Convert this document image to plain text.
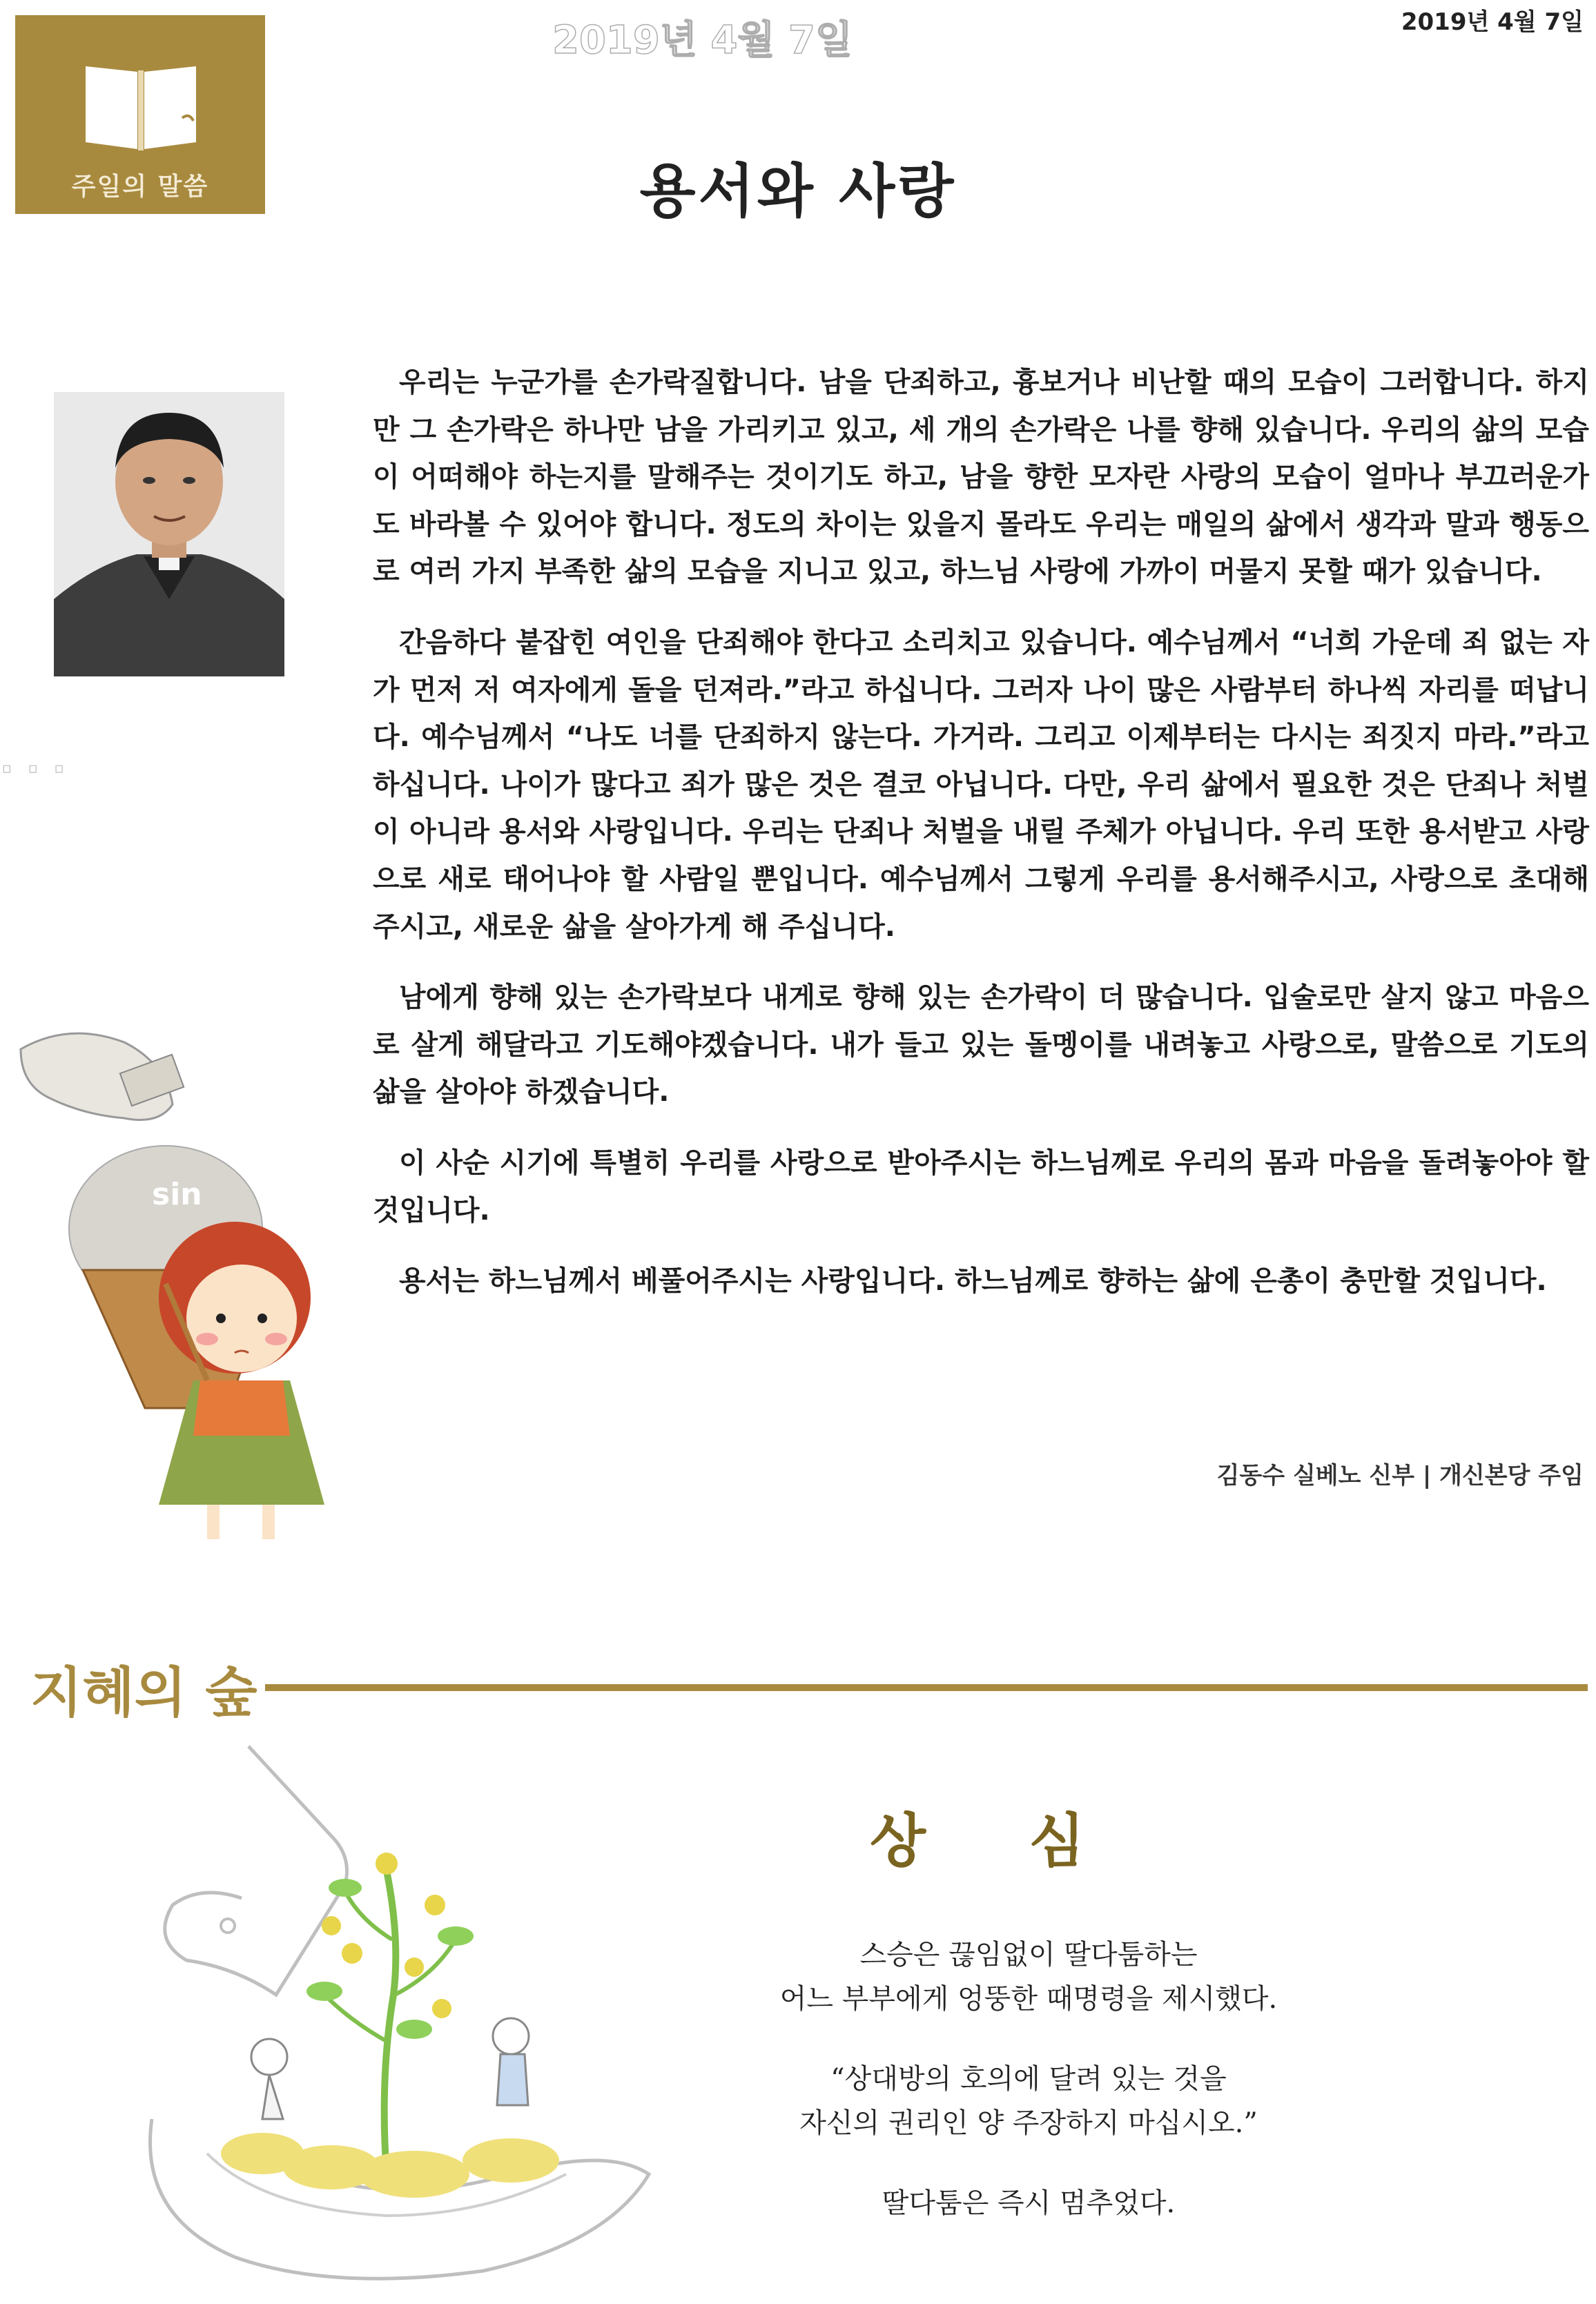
주일의 말씀
2019년 4월 7일	2019년 4월 7일
용서와 사랑

우리는 누군가를 손가락질합니다. 남을 단죄하고, 흉보거나 비난할 때의 모습이 그러합니다. 하지만 그 손가락은 하나만 남을 가리키고 있고, 세 개의 손가락은 나를 향해 있습니다. 우리의 삶의 모습이 어떠해야 하는지를 말해주는 것이기도 하고, 남을 향한 모자란 사랑의 모습이 얼마나 부끄러운가도 바라볼 수 있어야 합니다. 정도의 차이는 있을지 몰라도 우리는 매일의 삶에서 생각과 말과 행동으로 여러 가지 부족한 삶의 모습을 지니고 있고, 하느님 사랑에 가까이 머물지 못할 때가 있습니다.

간음하다 붙잡힌 여인을 단죄해야 한다고 소리치고 있습니다. 예수님께서 “너희 가운데 죄 없는 자가 먼저 저 여자에게 돌을 던져라.”라고 하십니다. 그러자 나이 많은 사람부터 하나씩 자리를 떠납니다. 예수님께서 “나도 너를 단죄하지 않는다. 가거라. 그리고 이제부터는 다시는 죄짓지 마라.”라고 하십니다. 나이가 많다고 죄가 많은 것은 결코 아닙니다. 다만, 우리 삶에서 필요한 것은 단죄나 처벌이 아니라 용서와 사랑입니다. 우리는 단죄나 처벌을 내릴 주체가 아닙니다. 우리 또한 용서받고 사랑으로 새로 태어나야 할 사람일 뿐입니다. 예수님께서 그렇게 우리를 용서해주시고, 사랑으로 초대해 주시고, 새로운 삶을 살아가게 해 주십니다.

남에게 향해 있는 손가락보다 내게로 향해 있는 손가락이 더 많습니다. 입술로만 살지 않고 마음으로 살게 해달라고 기도해야겠습니다. 내가 들고 있는 돌멩이를 내려놓고 사랑으로, 말씀으로 기도의 삶을 살아야 하겠습니다.

이 사순 시기에 특별히 우리를 사랑으로 받아주시는 하느님께로 우리의 몸과 마음을 돌려놓아야 할 것입니다.

용서는 하느님께서 베풀어주시는 사랑입니다. 하느님께로 향하는 삶에 은총이 충만할 것입니다.

· · ·
sin
김동수 실베노 신부 | 개신본당 주임
지혜의 숲
상 심
스승은 끊임없이 딸다툼하는
어느 부부에게 엉뚱한 때명령을 제시했다.
“상대방의 호의에 달려 있는 것을
자신의 권리인 양 주장하지 마십시오.”
딸다툼은 즉시 멈추었다.
